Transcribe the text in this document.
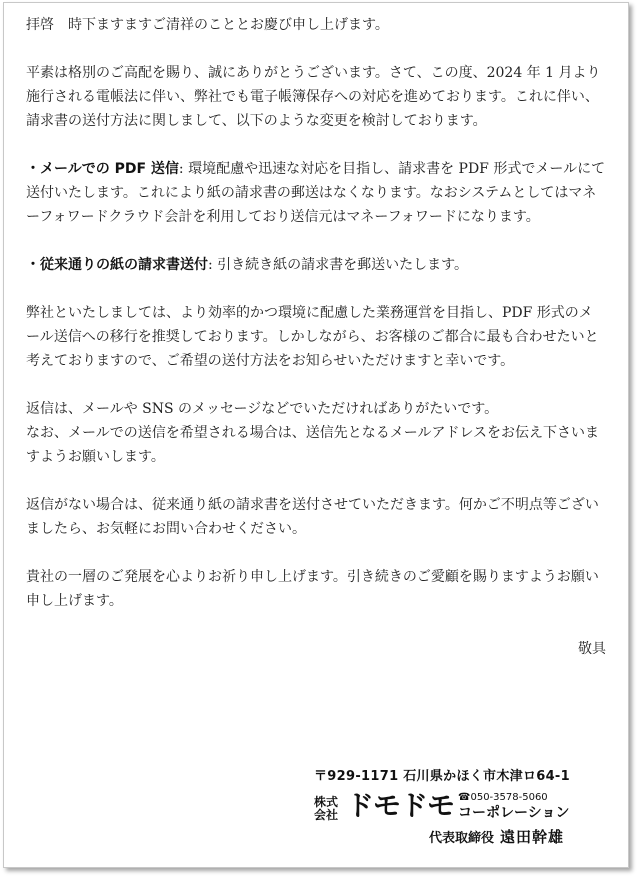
拝啓　時下ますますご清祥のこととお慶び申し上げます。

平素は格別のご高配を賜り、誠にありがとうございます。さて、この度、2024 年 1 月より施行される電帳法に伴い、弊社でも電子帳簿保存への対応を進めております。これに伴い、請求書の送付方法に関しまして、以下のような変更を検討しております。

・メールでの PDF 送信: 環境配慮や迅速な対応を目指し、請求書を PDF 形式でメールにて送付いたします。これにより紙の請求書の郵送はなくなります。なおシステムとしてはマネーフォワードクラウド会計を利用しており送信元はマネーフォワードになります。

・従来通りの紙の請求書送付: 引き続き紙の請求書を郵送いたします。

弊社といたしましては、より効率的かつ環境に配慮した業務運営を目指し、PDF 形式のメール送信への移行を推奨しております。しかしながら、お客様のご都合に最も合わせたいと考えておりますので、ご希望の送付方法をお知らせいただけますと幸いです。

返信は、メールや SNS のメッセージなどでいただければありがたいです。
なお、メールでの送信を希望される場合は、送信先となるメールアドレスをお伝え下さいますようお願いします。

返信がない場合は、従来通り紙の請求書を送付させていただきます。何かご不明点等ございましたら、お気軽にお問い合わせください。

貴社の一層のご発展を心よりお祈り申し上げます。引き続きのご愛顧を賜りますようお願い申し上げます。

敬具

〒929-1171 石川県かほく市木津ロ64-1
株式会社 ドモドモ ☎050-3578-5060
コーポレーション
代表取締役 遠田幹雄
